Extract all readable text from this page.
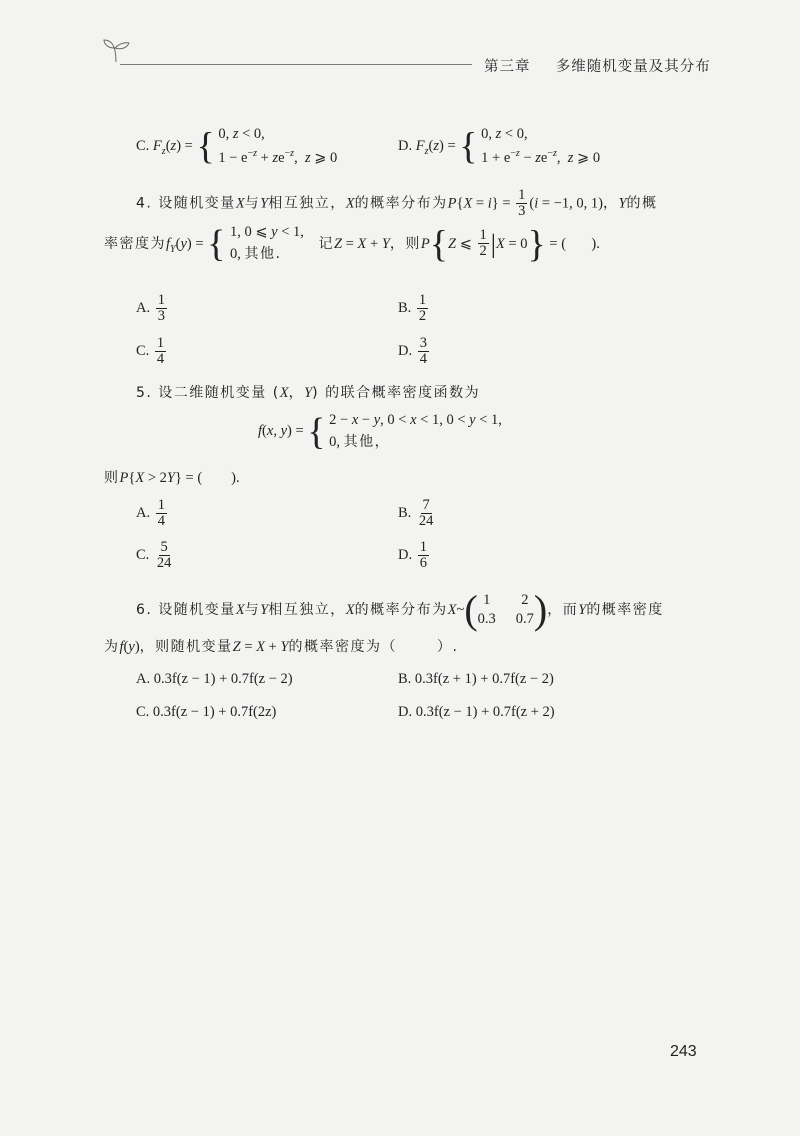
第三章 多维随机变量及其分布
C. $F_z(z)$ = { 0, z < 0,
$1 - e^{-z} + ze^{-z}$,  z ⩾ 0
D. $F_z(z)$ = { 0, z < 0,
$1 + e^{-z} - ze^{-z}$,  z ⩾ 0
4. 设随机变量X与Y相互独立，X的概率分布为$P\{X = i\} = \frac{1}{3} (i = -1$, 0, 1)，Y的概
率密度为$f_Y(y)$ = { 1, 0 ⩽ y < 1,
0, 其他.
记Z = X + Y，则P{Z ⩽ $\frac{1}{2} |X = 0$} = (       ).
A. $\frac{1}{3}$	B. $\frac{1}{2}$
C. $\frac{1}{4}$	D. $\frac{3}{4}$
5. 设二维随机变量 (X，Y) 的联合概率密度函数为
f(x, y) = { 2 − x − y, 0 < x < 1, 0 < y < 1,
0, 其他，
则P{X > 2Y} = (        ).
A. $\frac{1}{4}$	B. $\frac{7}{24}$
C. $\frac{5}{24}$	D. $\frac{1}{6}$
6. 设随机变量X与Y相互独立，X的概率分布为X~( 1	2
0.3 0.7 )，而Y的概率密度
为f(y)，则随机变量Z = X + Y的概率密度为（	）.
A. 0.3f(z − 1) + 0.7f(z − 2)	B. 0.3f(z + 1) + 0.7f(z − 2)
C. 0.3f(z − 1) + 0.7f(2z)	D. 0.3f(z − 1) + 0.7f(z + 2)
243
